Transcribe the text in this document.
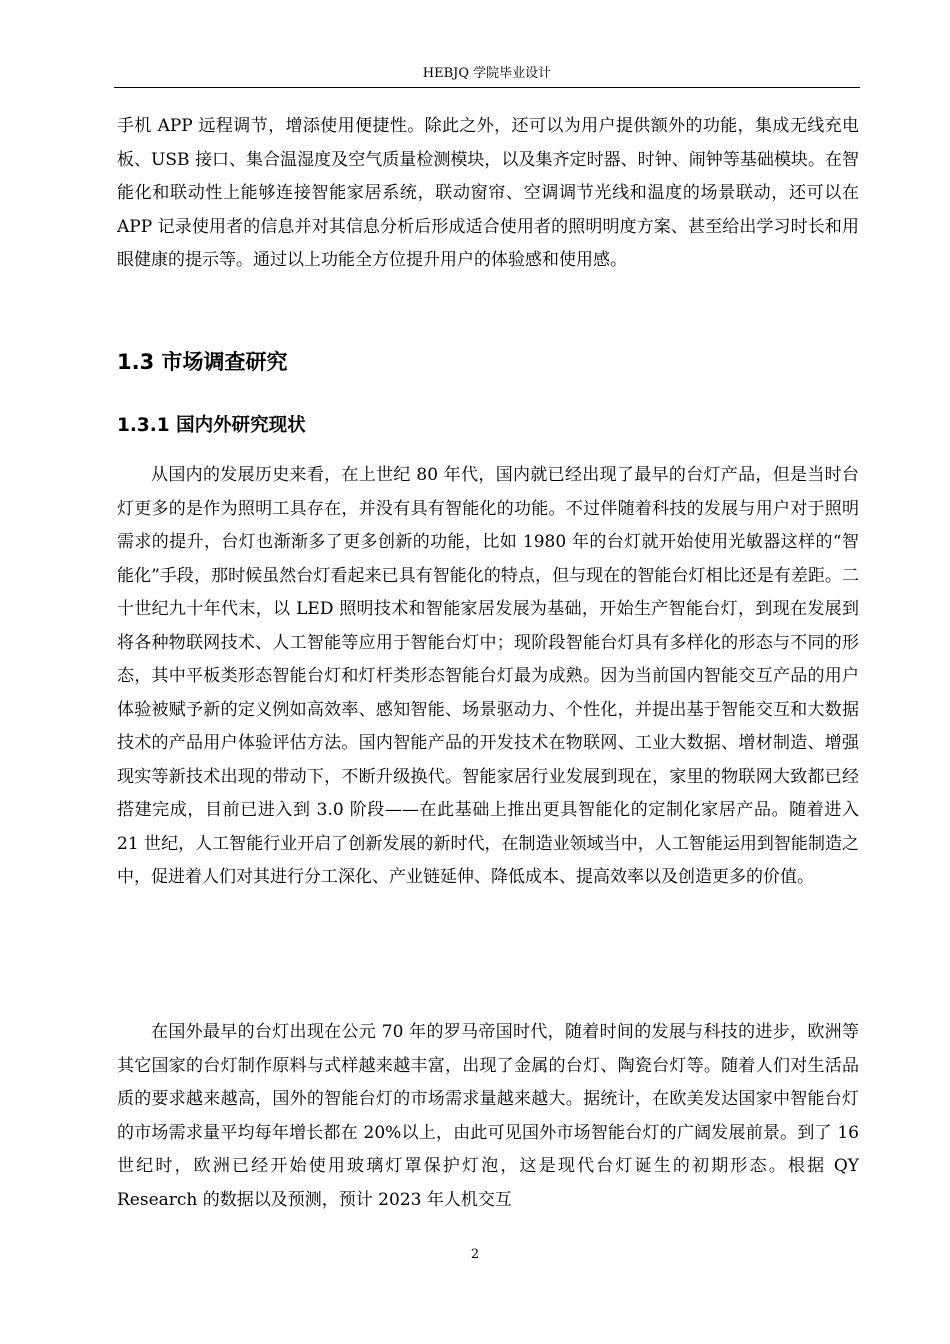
HEBJQ 学院毕业设计

手机 APP 远程调节，增添使用便捷性。除此之外，还可以为用户提供额外的功能，集成无线充电板、USB 接口、集合温湿度及空气质量检测模块，以及集齐定时器、时钟、闹钟等基础模块。在智能化和联动性上能够连接智能家居系统，联动窗帘、空调调节光线和温度的场景联动，还可以在 APP 记录使用者的信息并对其信息分析后形成适合使用者的照明明度方案、甚至给出学习时长和用眼健康的提示等。通过以上功能全方位提升用户的体验感和使用感。

1.3 市场调查研究
1.3.1 国内外研究现状

从国内的发展历史来看，在上世纪 80 年代，国内就已经出现了最早的台灯产品，但是当时台灯更多的是作为照明工具存在，并没有具有智能化的功能。不过伴随着科技的发展与用户对于照明需求的提升，台灯也渐渐多了更多创新的功能，比如 1980 年的台灯就开始使用光敏器这样的“智能化”手段，那时候虽然台灯看起来已具有智能化的特点，但与现在的智能台灯相比还是有差距。二十世纪九十年代末，以 LED 照明技术和智能家居发展为基础，开始生产智能台灯，到现在发展到将各种物联网技术、人工智能等应用于智能台灯中；现阶段智能台灯具有多样化的形态与不同的形态，其中平板类形态智能台灯和灯杆类形态智能台灯最为成熟。因为当前国内智能交互产品的用户体验被赋予新的定义例如高效率、感知智能、场景驱动力、个性化，并提出基于智能交互和大数据技术的产品用户体验评估方法。国内智能产品的开发技术在物联网、工业大数据、增材制造、增强现实等新技术出现的带动下，不断升级换代。智能家居行业发展到现在，家里的物联网大致都已经搭建完成，目前已进入到 3.0 阶段——在此基础上推出更具智能化的定制化家居产品。随着进入 21 世纪，人工智能行业开启了创新发展的新时代，在制造业领域当中，人工智能运用到智能制造之中，促进着人们对其进行分工深化、产业链延伸、降低成本、提高效率以及创造更多的价值。

在国外最早的台灯出现在公元 70 年的罗马帝国时代，随着时间的发展与科技的进步，欧洲等其它国家的台灯制作原料与式样越来越丰富，出现了金属的台灯、陶瓷台灯等。随着人们对生活品质的要求越来越高，国外的智能台灯的市场需求量越来越大。据统计，在欧美发达国家中智能台灯的市场需求量平均每年增长都在 20%以上，由此可见国外市场智能台灯的广阔发展前景。到了 16 世纪时，欧洲已经开始使用玻璃灯罩保护灯泡，这是现代台灯诞生的初期形态。根据 QY Research 的数据以及预测，预计 2023 年人机交互

2
